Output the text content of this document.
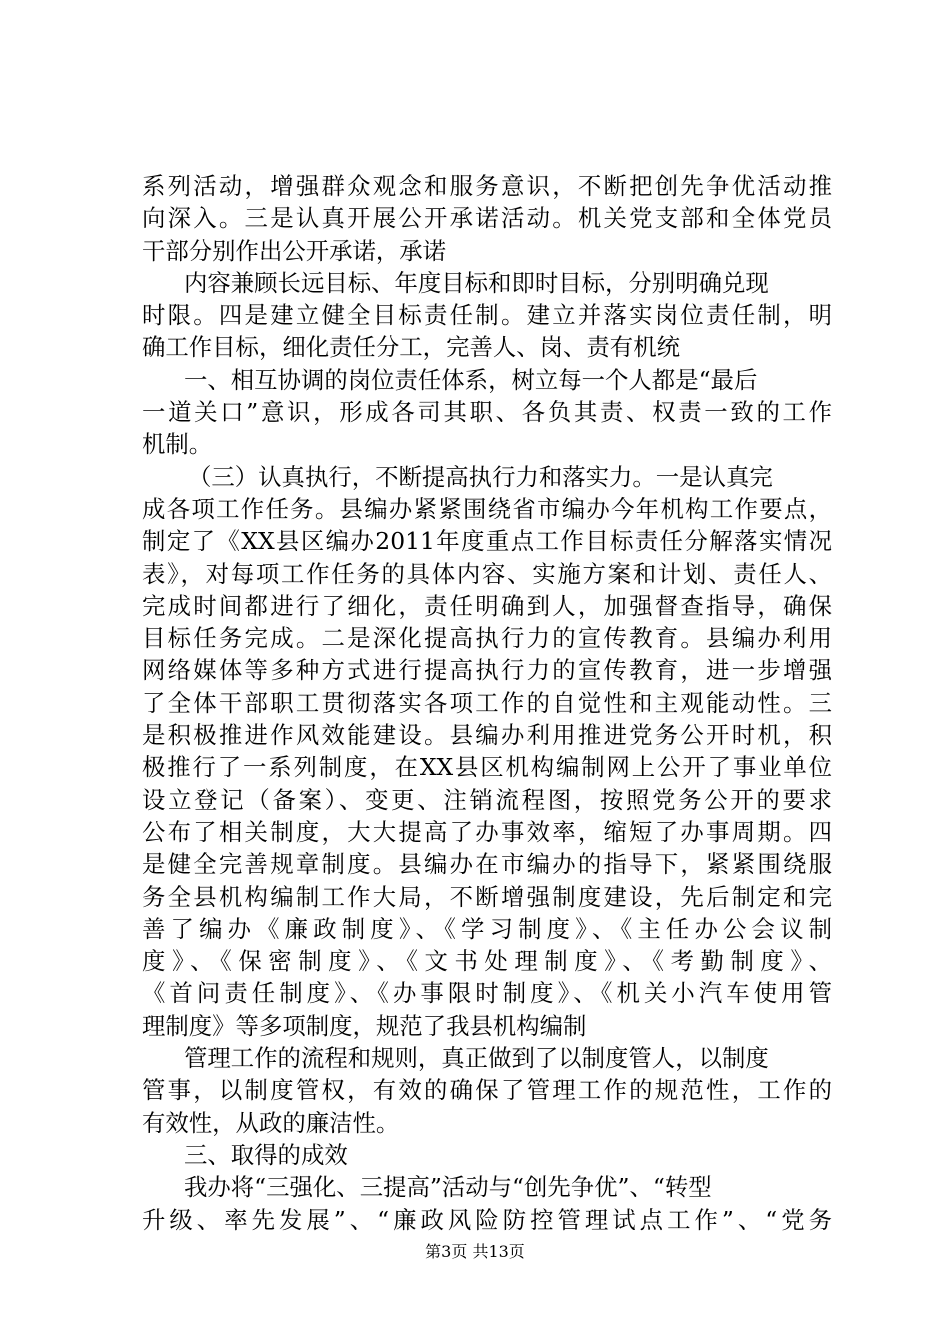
系列活动，增强群众观念和服务意识，不断把创先争优活动推
向深入。三是认真开展公开承诺活动。机关党支部和全体党员
干部分别作出公开承诺，承诺
内容兼顾长远目标、年度目标和即时目标，分别明确兑现
时限。四是建立健全目标责任制。建立并落实岗位责任制，明
确工作目标，细化责任分工，完善人、岗、责有机统
一、相互协调的岗位责任体系，树立每一个人都是“最后
一道关口”意识，形成各司其职、各负其责、权责一致的工作
机制。
（三）认真执行，不断提高执行力和落实力。一是认真完
成各项工作任务。县编办紧紧围绕省市编办今年机构工作要点，
制定了《XX县区编办2011年度重点工作目标责任分解落实情况
表》，对每项工作任务的具体内容、实施方案和计划、责任人、
完成时间都进行了细化，责任明确到人，加强督查指导，确保
目标任务完成。二是深化提高执行力的宣传教育。县编办利用
网络媒体等多种方式进行提高执行力的宣传教育，进一步增强
了全体干部职工贯彻落实各项工作的自觉性和主观能动性。三
是积极推进作风效能建设。县编办利用推进党务公开时机，积
极推行了一系列制度，在XX县区机构编制网上公开了事业单位
设立登记（备案）、变更、注销流程图，按照党务公开的要求
公布了相关制度，大大提高了办事效率，缩短了办事周期。四
是健全完善规章制度。县编办在市编办的指导下，紧紧围绕服
务全县机构编制工作大局，不断增强制度建设，先后制定和完
善了编办《廉政制度》、《学习制度》、《主任办公会议制
度》、《保密制度》、《文书处理制度》、《考勤制度》、
《首问责任制度》、《办事限时制度》、《机关小汽车使用管
理制度》等多项制度，规范了我县机构编制
管理工作的流程和规则，真正做到了以制度管人，以制度
管事，以制度管权，有效的确保了管理工作的规范性，工作的
有效性，从政的廉洁性。
三、取得的成效
我办将“三强化、三提高”活动与“创先争优”、“转型
升级、率先发展”、“廉政风险防控管理试点工作”、“党务
第3页 共13页
